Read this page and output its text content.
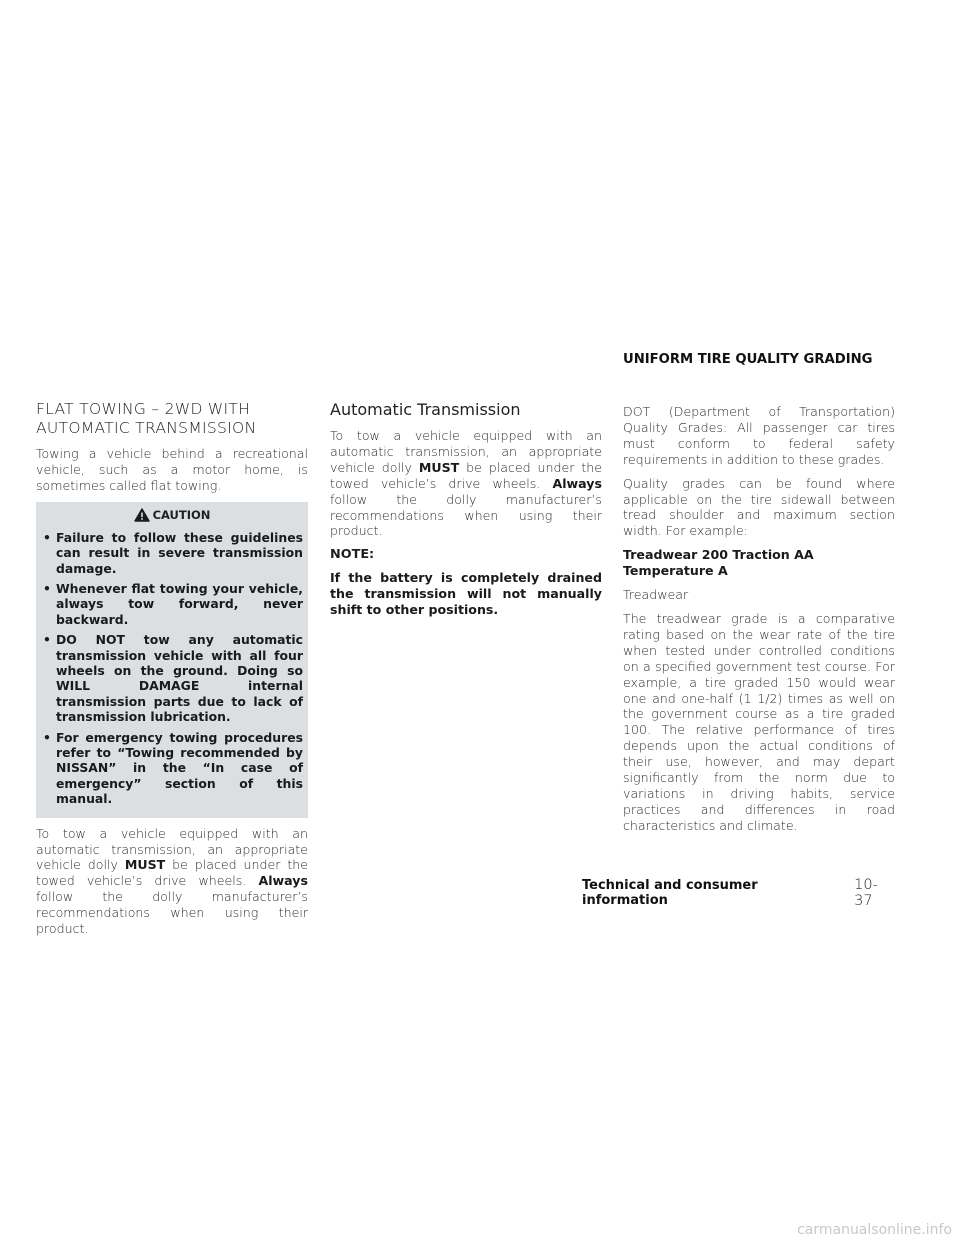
UNIFORM TIRE QUALITY GRADING
FLAT TOWING – 2WD WITH
AUTOMATIC TRANSMISSION

Towing a vehicle behind a recreational vehicle, such as a motor home, is sometimes called flat towing.

CAUTION
• Failure to follow these guidelines can result in severe transmission damage.
• Whenever flat towing your vehicle, always tow forward, never backward.
• DO NOT tow any automatic transmission vehicle with all four wheels on the ground. Doing so WILL DAMAGE internal transmission parts due to lack of transmission lubrication.
• For emergency towing procedures refer to “Towing recommended by NISSAN” in the “In case of emergency” section of this manual.

To tow a vehicle equipped with an automatic transmission, an appropriate vehicle dolly MUST be placed under the towed vehicle’s drive wheels. Always follow the dolly manufacturer’s recommendations when using their product.

Automatic Transmission

To tow a vehicle equipped with an automatic transmission, an appropriate vehicle dolly MUST be placed under the towed vehicle’s drive wheels. Always follow the dolly manufacturer’s recommendations when using their product.

NOTE:

If the battery is completely drained the transmission will not manually shift to other positions.

DOT (Department of Transportation) Quality Grades: All passenger car tires must conform to federal safety requirements in addition to these grades.

Quality grades can be found where applicable on the tire sidewall between tread shoulder and maximum section width. For example:

Treadwear 200 Traction AA Temperature A

Treadwear

The treadwear grade is a comparative rating based on the wear rate of the tire when tested under controlled conditions on a specified government test course. For example, a tire graded 150 would wear one and one-half (1 1/2) times as well on the government course as a tire graded 100. The relative performance of tires depends upon the actual conditions of their use, however, and may depart significantly from the norm due to variations in driving habits, service practices and differences in road characteristics and climate.

Technical and consumer information
10-37
carmanualsonline.info
